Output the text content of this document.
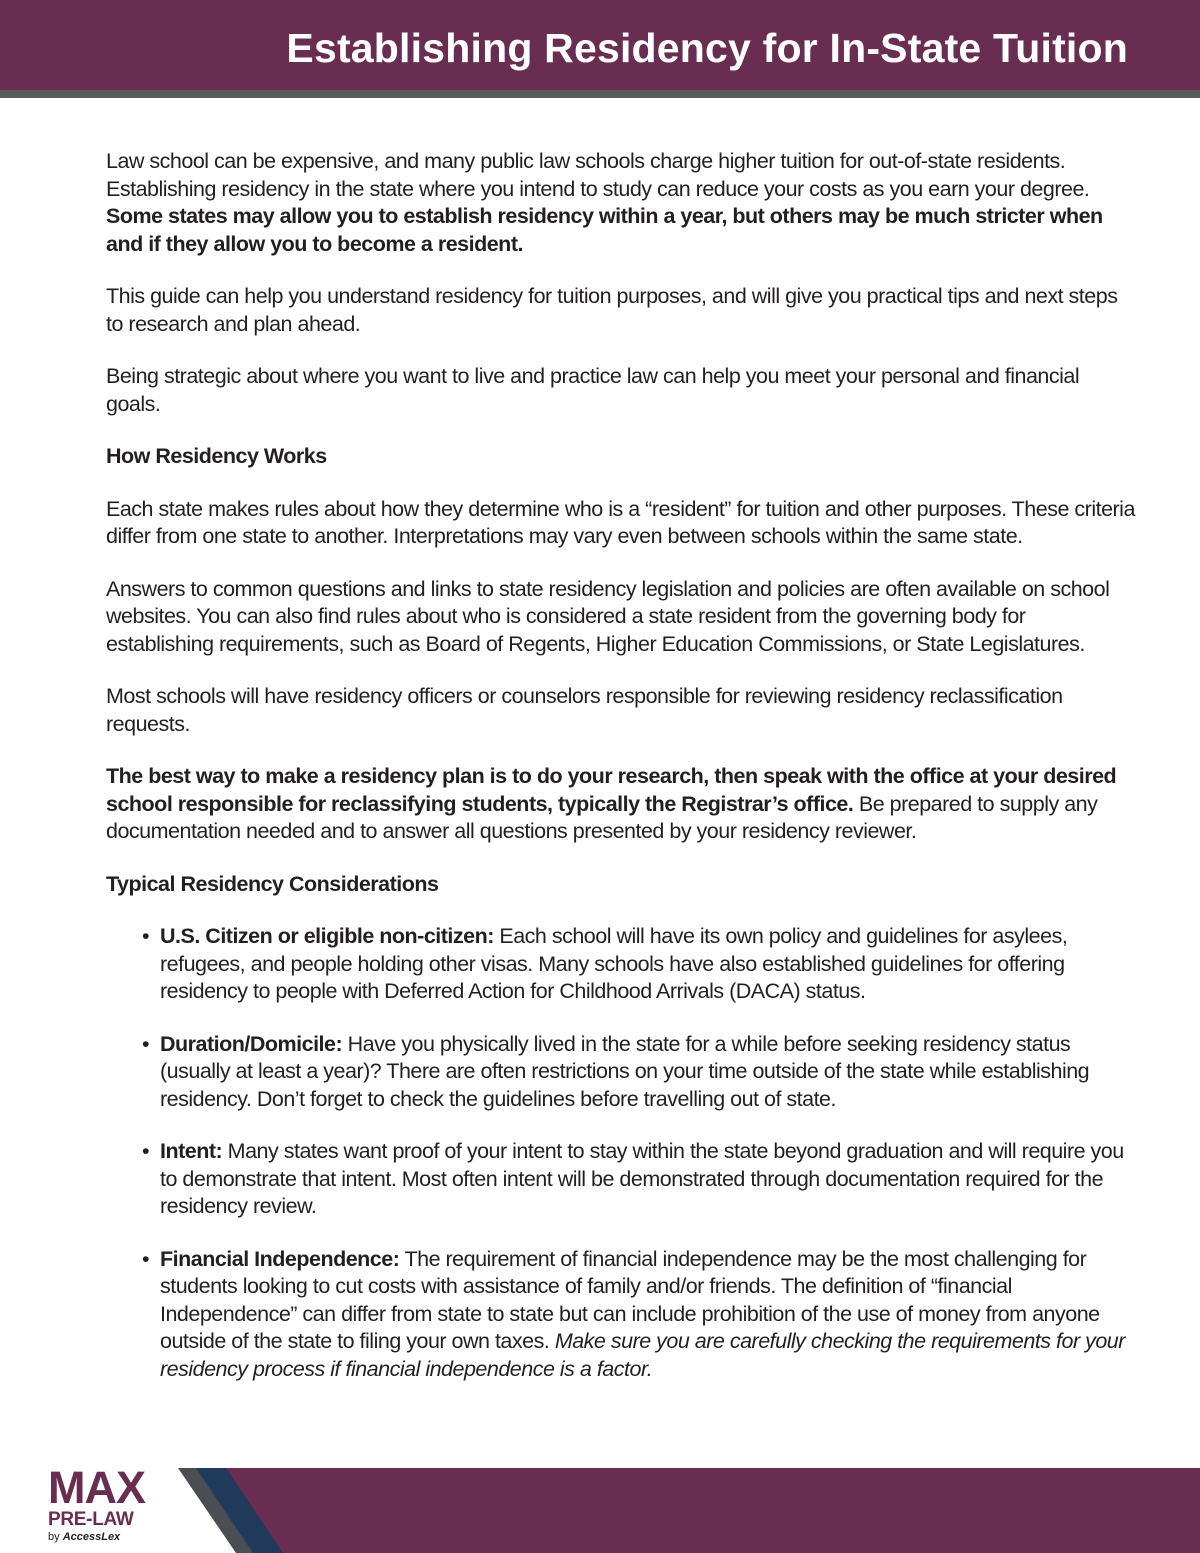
Establishing Residency for In-State Tuition

Law school can be expensive, and many public law schools charge higher tuition for out-of-state residents. Establishing residency in the state where you intend to study can reduce your costs as you earn your degree. Some states may allow you to establish residency within a year, but others may be much stricter when and if they allow you to become a resident.

This guide can help you understand residency for tuition purposes, and will give you practical tips and next steps to research and plan ahead.

Being strategic about where you want to live and practice law can help you meet your personal and financial goals.

How Residency Works

Each state makes rules about how they determine who is a “resident” for tuition and other purposes. These criteria differ from one state to another. Interpretations may vary even between schools within the same state.

Answers to common questions and links to state residency legislation and policies are often available on school websites. You can also find rules about who is considered a state resident from the governing body for establishing requirements, such as Board of Regents, Higher Education Commissions, or State Legislatures.

Most schools will have residency officers or counselors responsible for reviewing residency reclassification requests.

The best way to make a residency plan is to do your research, then speak with the office at your desired school responsible for reclassifying students, typically the Registrar’s office. Be prepared to supply any documentation needed and to answer all questions presented by your residency reviewer.

Typical Residency Considerations
• U.S. Citizen or eligible non-citizen: Each school will have its own policy and guidelines for asylees, refugees, and people holding other visas. Many schools have also established guidelines for offering residency to people with Deferred Action for Childhood Arrivals (DACA) status.
• Duration/Domicile: Have you physically lived in the state for a while before seeking residency status (usually at least a year)? There are often restrictions on your time outside of the state while establishing residency. Don’t forget to check the guidelines before travelling out of state.
• Intent: Many states want proof of your intent to stay within the state beyond graduation and will require you to demonstrate that intent. Most often intent will be demonstrated through documentation required for the residency review.
• Financial Independence: The requirement of financial independence may be the most challenging for students looking to cut costs with assistance of family and/or friends. The definition of “financial Independence” can differ from state to state but can include prohibition of the use of money from anyone outside of the state to filing your own taxes. Make sure you are carefully checking the requirements for your residency process if financial independence is a factor.
MAX
PRE-LAW
by AccessLex
